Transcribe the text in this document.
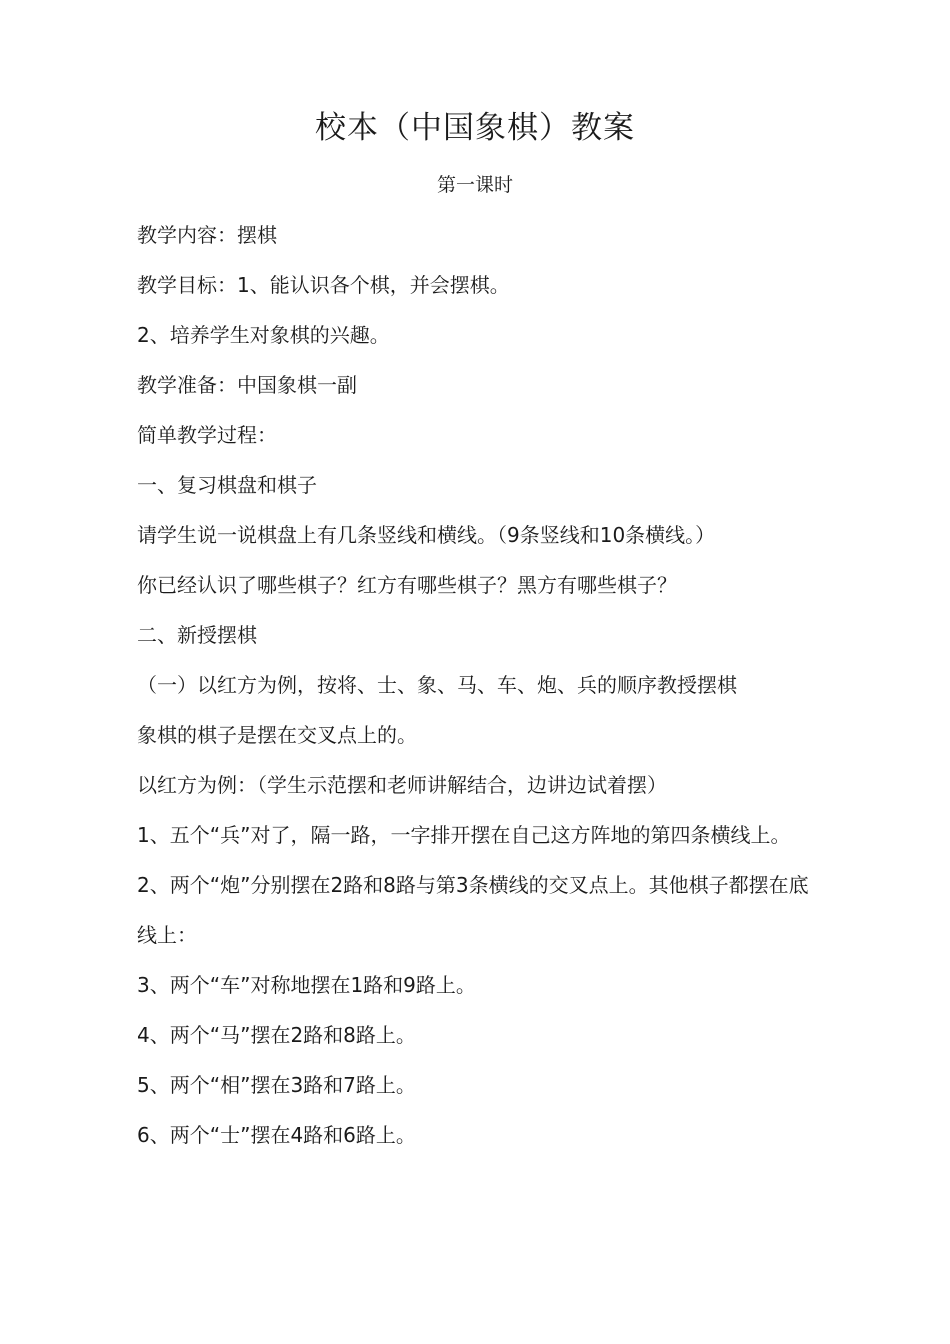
校本（中国象棋）教案
第一课时

教学内容：摆棋

教学目标：1、能认识各个棋，并会摆棋。

2、培养学生对象棋的兴趣。

教学准备：中国象棋一副

简单教学过程：

一、复习棋盘和棋子

请学生说一说棋盘上有几条竖线和横线。（9条竖线和10条横线。）

你已经认识了哪些棋子？红方有哪些棋子？黑方有哪些棋子？

二、新授摆棋

（一）以红方为例，按将、士、象、马、车、炮、兵的顺序教授摆棋

象棋的棋子是摆在交叉点上的。

以红方为例：（学生示范摆和老师讲解结合，边讲边试着摆）

1、五个“兵”对了，隔一路，一字排开摆在自己这方阵地的第四条横线上。

2、两个“炮”分别摆在2路和8路与第3条横线的交叉点上。其他棋子都摆在底线上：

3、两个“车”对称地摆在1路和9路上。

4、两个“马”摆在2路和8路上。

5、两个“相”摆在3路和7路上。

6、两个“士”摆在4路和6路上。
